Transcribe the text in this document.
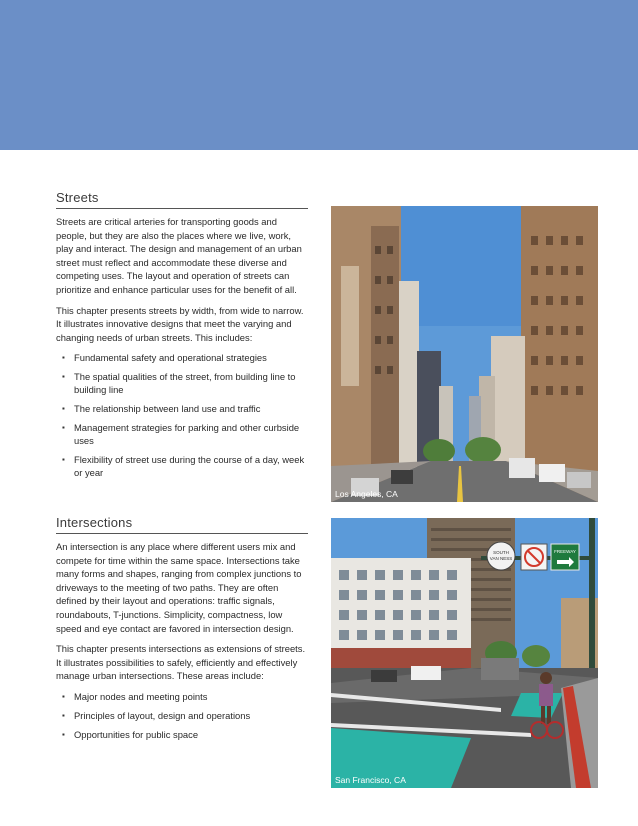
Streets

Streets are critical arteries for transporting goods and people, but they are also the places where we live, work, play and interact. The design and management of an urban street must reflect and accommodate these diverse and competing uses. The layout and operation of streets can prioritize and enhance particular uses for the benefit of all.

This chapter presents streets by width, from wide to narrow. It illustrates innovative designs that meet the varying and changing needs of urban streets. This includes:

▪ Fundamental safety and operational strategies
▪ The spatial qualities of the street, from building line to building line
▪ The relationship between land use and traffic
▪ Management strategies for parking and other curbside uses
▪ Flexibility of street use during the course of a day, week or year
Intersections

An intersection is any place where different users mix and compete for time within the same space. Intersections take many forms and shapes, ranging from complex junctions to driveways to the meeting of two paths. They are often defined by their layout and operations: traffic signals, roundabouts, T-junctions. Simplicity, compactness, low speed and eye contact are favored in intersection design.

This chapter presents intersections as extensions of streets. It illustrates possibilities to safely, efficiently and effectively manage urban intersections. These areas include:

▪ Major nodes and meeting points
▪ Principles of layout, design and operations
▪ Opportunities for public space
Los Angeles, CA
SOUTH
VAN NESS
FREEWAY
San Francisco, CA
